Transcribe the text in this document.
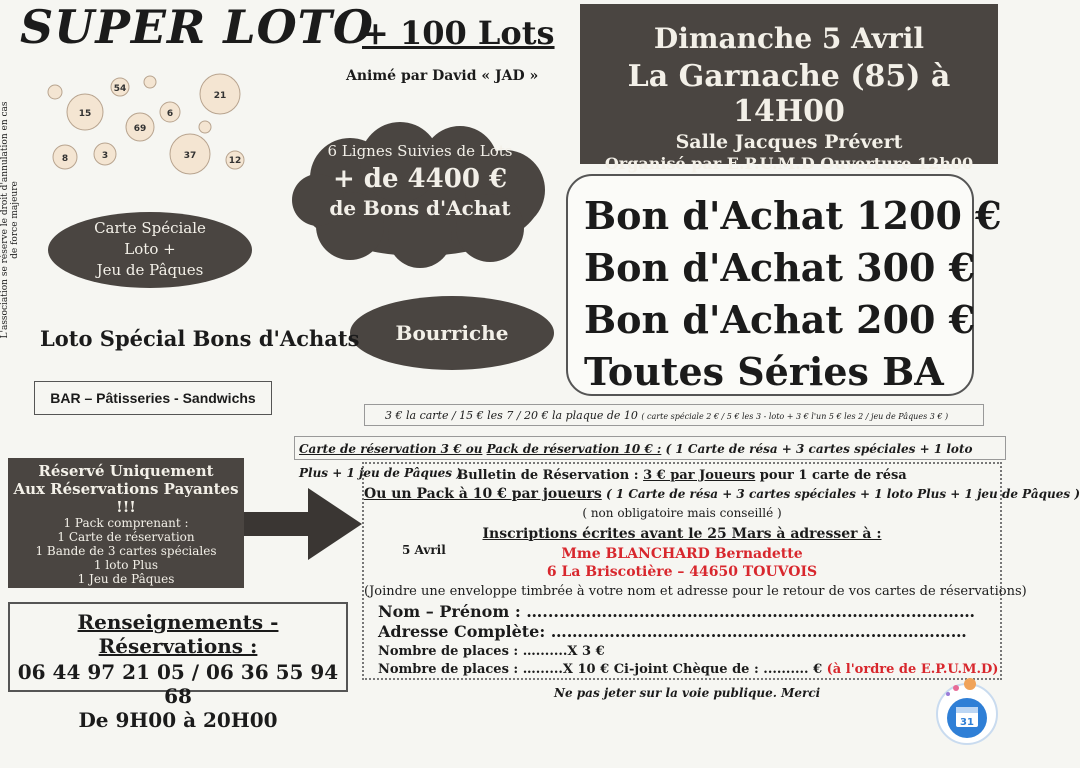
SUPER LOTO
+ 100 Lots
Animé par David « JAD »
Dimanche 5 Avril
La Garnache (85) à 14H00
Salle Jacques Prévert
Organisé par E.P.U.M.D Ouverture 12h00
21
15
37
69
3
8
6
54
12
L'association se réserve le droit d'annulation en cas de force majeure
6 Lignes Suivies de Lots
+ de 4400 €
de Bons d'Achat
Carte Spéciale
Loto +
Jeu de Pâques
Bourriche
Loto Spécial Bons d'Achats
BAR – Pâtisseries - Sandwichs
Bon d'Achat 1200 €
Bon d'Achat 300 €
Bon d'Achat 200 €
Toutes Séries BA
3 € la carte / 15 € les 7 / 20 € la plaque de 10 ( carte spéciale 2 € / 5 € les 3 - loto + 3 € l'un 5 € les 2 / jeu de Pâques 3 € )
Carte de réservation 3 € ou Pack de réservation 10 € : ( 1 Carte de résa + 3 cartes spéciales + 1 loto Plus + 1 jeu de Pâques )
Réservé Uniquement
Aux Réservations Payantes !!!
1 Pack comprenant :
1 Carte de réservation
1 Bande de 3 cartes spéciales
1 loto Plus
1 Jeu de Pâques
Bulletin de Réservation : 3 € par Joueurs pour 1 carte de résa
Ou un Pack à 10 € par joueurs ( 1 Carte de résa + 3 cartes spéciales + 1 loto Plus + 1 jeu de Pâques )
( non obligatoire mais conseillé )
Inscriptions écrites avant le 25 Mars à adresser à :
Mme BLANCHARD Bernadette
6 La Briscotière – 44650 TOUVOIS
(Joindre une enveloppe timbrée à votre nom et adresse pour le retour de vos cartes de réservations)
Nom – Prénom : …...……………………………………………………………………
Adresse Complète: ……………………………………………………………………
Nombre de places : ….......X 3 €
Nombre de places : …......X 10 € Ci-joint Chèque de : .......... € (à l'ordre de E.P.U.M.D)
5 Avril
Renseignements - Réservations :
06 44 97 21 05 / 06 36 55 94 68
De 9H00 à 20H00
Ne pas jeter sur la voie publique. Merci
31
